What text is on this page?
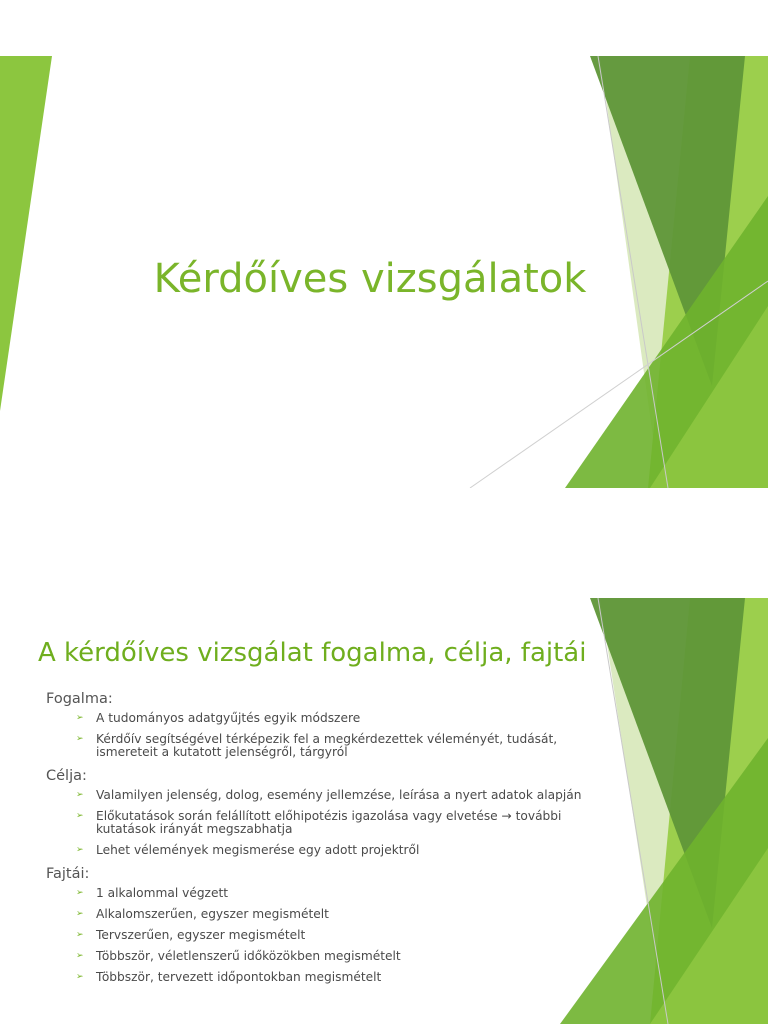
Kérdőíves vizsgálatok
A kérdőíves vizsgálat fogalma, célja, fajtái
Fogalma:
➢ A tudományos adatgyűjtés egyik módszere
➢ Kérdőív segítségével térképezik fel a megkérdezettek véleményét, tudását, ismereteit a kutatott jelenségről, tárgyról
Célja:
➢ Valamilyen jelenség, dolog, esemény jellemzése, leírása a nyert adatok alapján
➢ Előkutatások során felállított előhipotézis igazolása vagy elvetése → további kutatások irányát megszabhatja
➢ Lehet vélemények megismerése egy adott projektről
Fajtái:
➢ 1 alkalommal végzett
➢ Alkalomszerűen, egyszer megismételt
➢ Tervszerűen, egyszer megismételt
➢ Többször, véletlenszerű időközökben megismételt
➢ Többször, tervezett időpontokban megismételt
